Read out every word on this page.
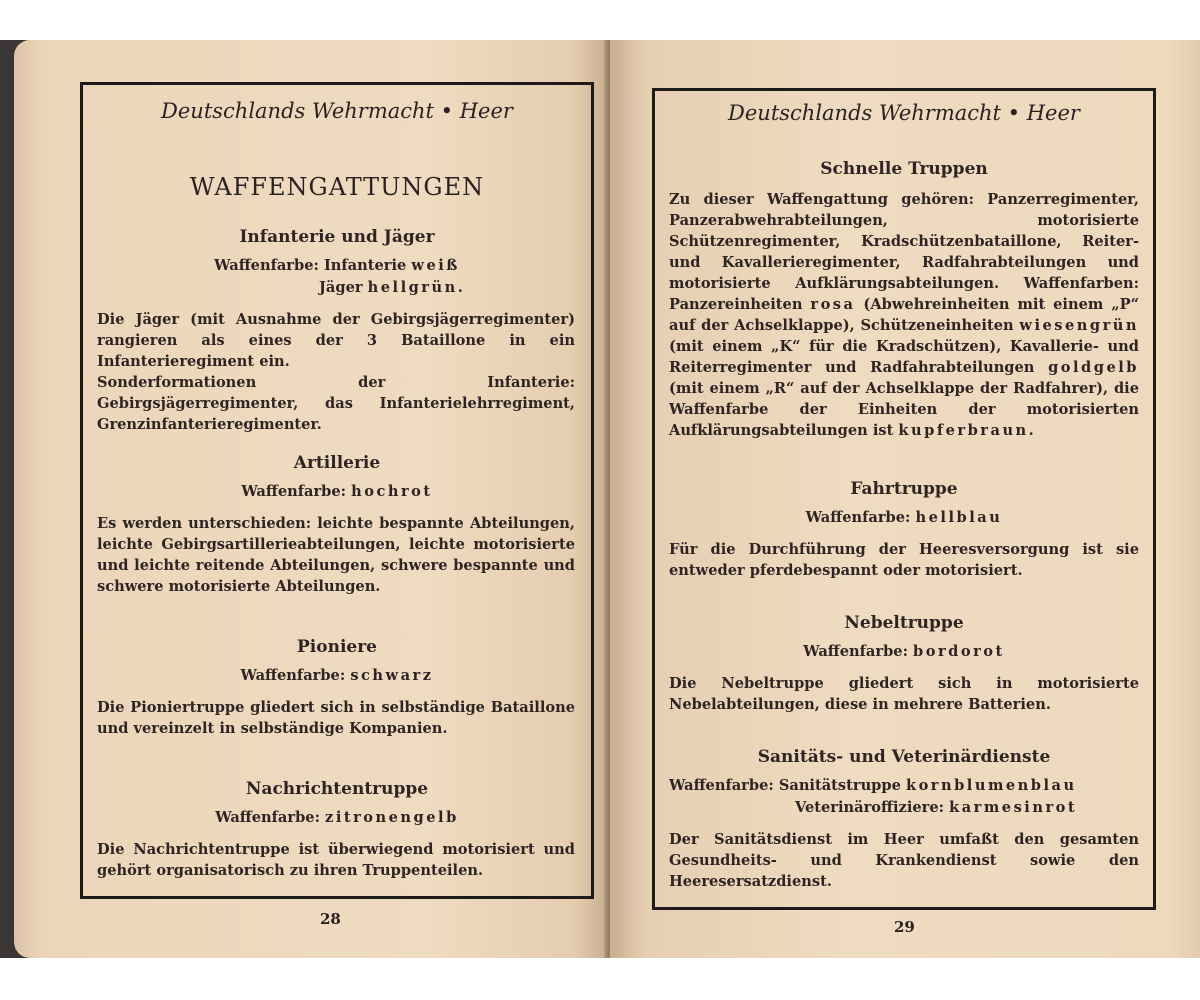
Deutschlands Wehrmacht • Heer
WAFFENGATTUNGEN
Infanterie und Jäger
Waffenfarbe: Infanterie weiß
Jäger hellgrün.
Die Jäger (mit Ausnahme der Gebirgsjägerregimenter) rangieren als eines der 3 Bataillone in ein Infanterieregiment ein.
Sonderformationen der Infanterie: Gebirgsjägerregimenter, das Infanterielehrregiment, Grenzinfanterieregimenter.
Artillerie
Waffenfarbe: hochrot
Es werden unterschieden: leichte bespannte Abteilungen, leichte Gebirgsartillerieabteilungen, leichte motorisierte und leichte reitende Abteilungen, schwere bespannte und schwere motorisierte Abteilungen.
Pioniere
Waffenfarbe: schwarz
Die Pioniertruppe gliedert sich in selbständige Bataillone und vereinzelt in selbständige Kompanien.
Nachrichtentruppe
Waffenfarbe: zitronengelb
Die Nachrichtentruppe ist überwiegend motorisiert und gehört organisatorisch zu ihren Truppenteilen.
28
Deutschlands Wehrmacht • Heer
Schnelle Truppen
Zu dieser Waffengattung gehören: Panzerregimenter, Panzerabwehrabteilungen, motorisierte Schützenregimenter, Kradschützenbataillone, Reiter- und Kavallerieregimenter, Radfahrabteilungen und motorisierte Aufklärungsabteilungen. Waffenfarben: Panzereinheiten rosa (Abwehreinheiten mit einem „P“ auf der Achselklappe), Schützeneinheiten wiesengrün (mit einem „K“ für die Kradschützen), Kavallerie- und Reiterregimenter und Radfahrabteilungen goldgelb (mit einem „R“ auf der Achselklappe der Radfahrer), die Waffenfarbe der Einheiten der motorisierten Aufklärungsabteilungen ist kupferbraun.
Fahrtruppe
Waffenfarbe: hellblau
Für die Durchführung der Heeresversorgung ist sie entweder pferdebespannt oder motorisiert.
Nebeltruppe
Waffenfarbe: bordorot
Die Nebeltruppe gliedert sich in motorisierte Nebelabteilungen, diese in mehrere Batterien.
Sanitäts- und Veterinärdienste
Waffenfarbe: Sanitätstruppe kornblumenblau
Veterinäroffiziere: karmesinrot
Der Sanitätsdienst im Heer umfaßt den gesamten Gesundheits- und Krankendienst sowie den Heeresersatzdienst.
29
